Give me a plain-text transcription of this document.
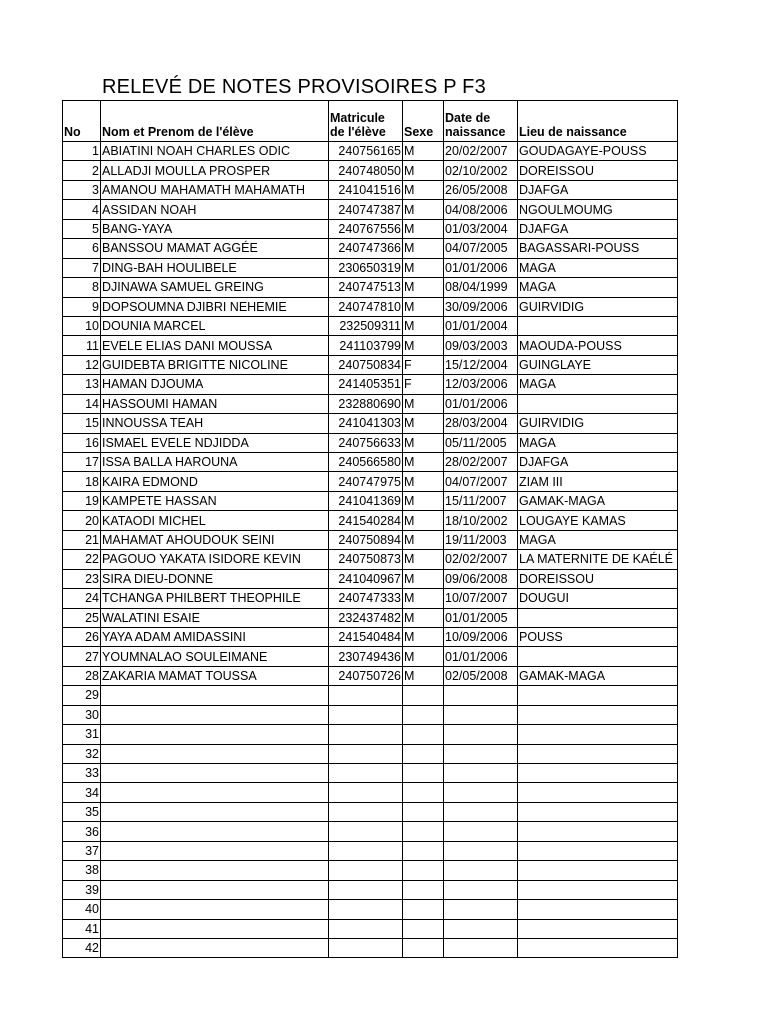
RELEVÉ DE NOTES PROVISOIRES P F3
No	Nom et Prenom de l'élève	Matricule de l'élève	Sexe	Date de naissance	Lieu de naissance
1	ABIATINI NOAH CHARLES ODIC	240756165	M	20/02/2007	GOUDAGAYE-POUSS
2	ALLADJI MOULLA PROSPER	240748050	M	02/10/2002	DOREISSOU
3	AMANOU MAHAMATH MAHAMATH	241041516	M	26/05/2008	DJAFGA
4	ASSIDAN NOAH	240747387	M	04/08/2006	NGOULMOUMG
5	BANG-YAYA	240767556	M	01/03/2004	DJAFGA
6	BANSSOU MAMAT AGGÉE	240747366	M	04/07/2005	BAGASSARI-POUSS
7	DING-BAH HOULIBELE	230650319	M	01/01/2006	MAGA
8	DJINAWA SAMUEL GREING	240747513	M	08/04/1999	MAGA
9	DOPSOUMNA DJIBRI NEHEMIE	240747810	M	30/09/2006	GUIRVIDIG
10	DOUNIA MARCEL	232509311	M	01/01/2004	
11	EVELE ELIAS DANI MOUSSA	241103799	M	09/03/2003	MAOUDA-POUSS
12	GUIDEBTA BRIGITTE NICOLINE	240750834	F	15/12/2004	GUINGLAYE
13	HAMAN DJOUMA	241405351	F	12/03/2006	MAGA
14	HASSOUMI HAMAN	232880690	M	01/01/2006	
15	INNOUSSA TEAH	241041303	M	28/03/2004	GUIRVIDIG
16	ISMAEL EVELE NDJIDDA	240756633	M	05/11/2005	MAGA
17	ISSA BALLA HAROUNA	240566580	M	28/02/2007	DJAFGA
18	KAIRA EDMOND	240747975	M	04/07/2007	ZIAM III
19	KAMPETE HASSAN	241041369	M	15/11/2007	GAMAK-MAGA
20	KATAODI MICHEL	241540284	M	18/10/2002	LOUGAYE KAMAS
21	MAHAMAT AHOUDOUK SEINI	240750894	M	19/11/2003	MAGA
22	PAGOUO YAKATA ISIDORE KEVIN	240750873	M	02/02/2007	LA MATERNITE DE KAÉLÉ
23	SIRA DIEU-DONNE	241040967	M	09/06/2008	DOREISSOU
24	TCHANGA PHILBERT THEOPHILE	240747333	M	10/07/2007	DOUGUI
25	WALATINI ESAIE	232437482	M	01/01/2005	
26	YAYA ADAM AMIDASSINI	241540484	M	10/09/2006	POUSS
27	YOUMNALAO SOULEIMANE	230749436	M	01/01/2006	
28	ZAKARIA MAMAT TOUSSA	240750726	M	02/05/2008	GAMAK-MAGA
29					
30					
31					
32					
33					
34					
35					
36					
37					
38					
39					
40					
41					
42					
